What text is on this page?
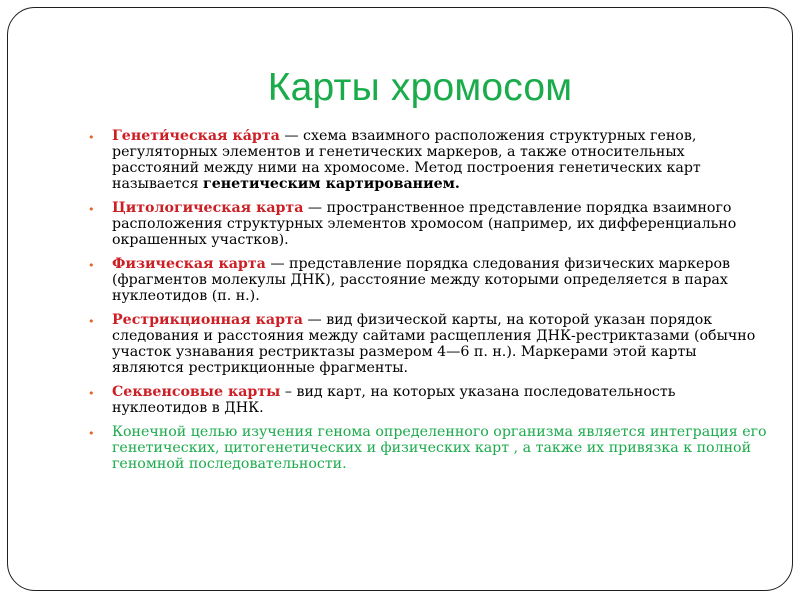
Карты хромосом
• Генети́ческая ка́рта — схема взаимного расположения структурных генов, регуляторных элементов и генетических маркеров, а также относительных расстояний между ними на хромосоме. Метод построения генетических карт называется генетическим картированием.
• Цитологическая карта — пространственное представление порядка взаимного расположения структурных элементов хромосом (например, их дифференциально окрашенных участков).
• Физическая карта — представление порядка следования физических маркеров (фрагментов молекулы ДНК), расстояние между которыми определяется в парах нуклеотидов (п. н.).
• Рестрикционная карта — вид физической карты, на которой указан порядок следования и расстояния между сайтами расщепления ДНК-рестриктазами (обычно участок узнавания рестриктазы размером 4—6 п. н.). Маркерами этой карты являются рестрикционные фрагменты.
• Секвенсовые карты – вид карт, на которых указана последовательность нуклеотидов в ДНК.
• Конечной целью изучения генома определенного организма является интеграция его генетических, цитогенетических и физических карт , а также их привязка к полной геномной последовательности.
